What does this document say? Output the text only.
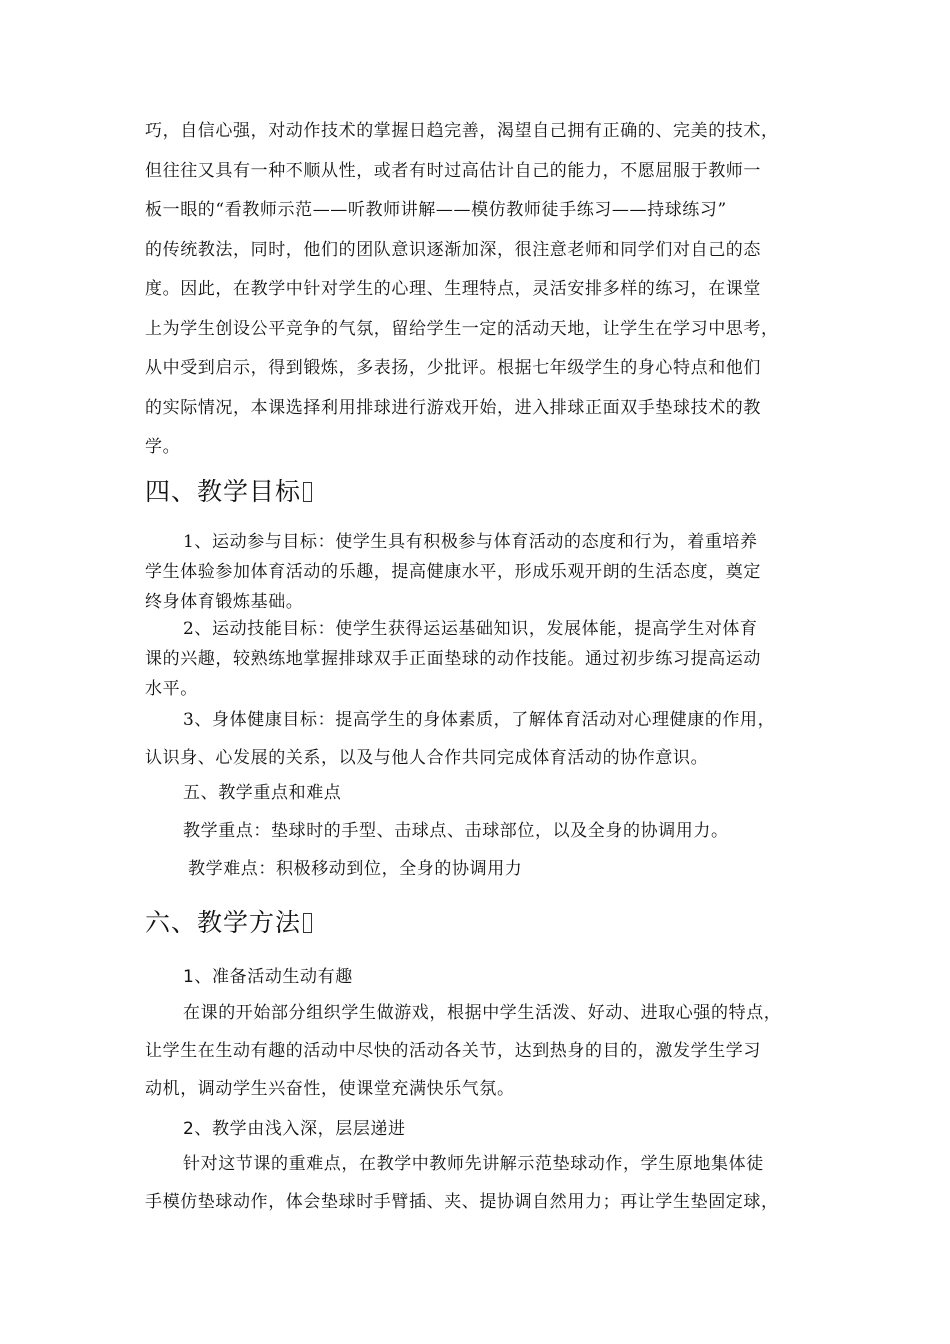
巧，自信心强，对动作技术的掌握日趋完善，渴望自己拥有正确的、完美的技术，
但往往又具有一种不顺从性，或者有时过高估计自己的能力，不愿屈服于教师一
板一眼的“看教师示范——听教师讲解——模仿教师徒手练习——持球练习”
的传统教法，同时，他们的团队意识逐渐加深，很注意老师和同学们对自己的态
度。因此，在教学中针对学生的心理、生理特点，灵活安排多样的练习，在课堂
上为学生创设公平竞争的气氛，留给学生一定的活动天地，让学生在学习中思考，
从中受到启示，得到锻炼，多表扬，少批评。根据七年级学生的身心特点和他们
的实际情况，本课选择利用排球进行游戏开始，进入排球正面双手垫球技术的教
学。
四、教学目标
1、运动参与目标：使学生具有积极参与体育活动的态度和行为，着重培养
学生体验参加体育活动的乐趣，提高健康水平，形成乐观开朗的生活态度，奠定
终身体育锻炼基础。
2、运动技能目标：使学生获得运运基础知识，发展体能，提高学生对体育
课的兴趣，较熟练地掌握排球双手正面垫球的动作技能。通过初步练习提高运动
水平。
3、身体健康目标：提高学生的身体素质，了解体育活动对心理健康的作用，
认识身、心发展的关系，以及与他人合作共同完成体育活动的协作意识。

五、教学重点和难点

教学重点：垫球时的手型、击球点、击球部位，以及全身的协调用力。

教学难点：积极移动到位，全身的协调用力

六、教学方法

1、准备活动生动有趣

在课的开始部分组织学生做游戏，根据中学生活泼、好动、进取心强的特点，
让学生在生动有趣的活动中尽快的活动各关节，达到热身的目的，激发学生学习
动机，调动学生兴奋性，使课堂充满快乐气氛。

2、教学由浅入深，层层递进

针对这节课的重难点，在教学中教师先讲解示范垫球动作，学生原地集体徒
手模仿垫球动作，体会垫球时手臂插、夹、提协调自然用力；再让学生垫固定球，
